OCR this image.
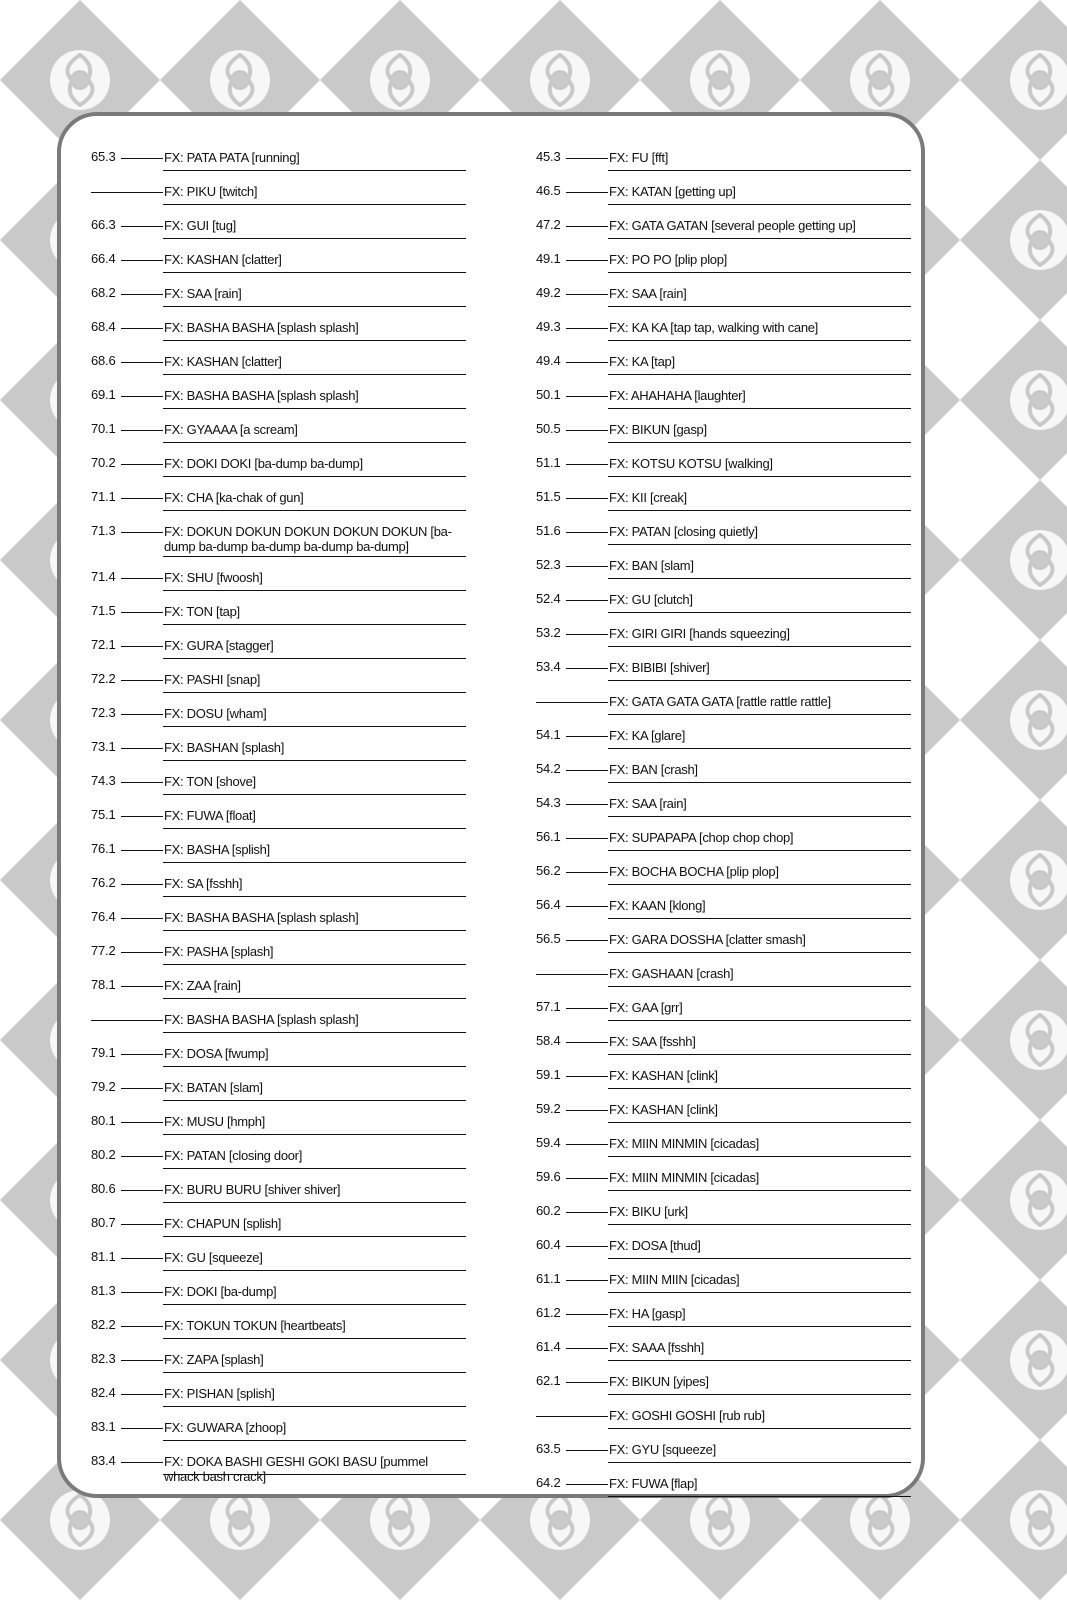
65.3	FX: PATA PATA [running]
FX: PIKU [twitch]
66.3	FX: GUI [tug]
66.4	FX: KASHAN [clatter]
68.2	FX: SAA [rain]
68.4	FX: BASHA BASHA [splash splash]
68.6	FX: KASHAN [clatter]
69.1	FX: BASHA BASHA [splash splash]
70.1	FX: GYAAAA [a scream]
70.2	FX: DOKI DOKI [ba-dump ba-dump]
71.1	FX: CHA [ka-chak of gun]
71.3	FX: DOKUN DOKUN DOKUN DOKUN DOKUN [ba-dump ba-dump ba-dump ba-dump ba-dump]
71.4	FX: SHU [fwoosh]
71.5	FX: TON [tap]
72.1	FX: GURA [stagger]
72.2	FX: PASHI [snap]
72.3	FX: DOSU [wham]
73.1	FX: BASHAN [splash]
74.3	FX: TON [shove]
75.1	FX: FUWA [float]
76.1	FX: BASHA [splish]
76.2	FX: SA [fsshh]
76.4	FX: BASHA BASHA [splash splash]
77.2	FX: PASHA [splash]
78.1	FX: ZAA [rain]
FX: BASHA BASHA [splash splash]
79.1	FX: DOSA [fwump]
79.2	FX: BATAN [slam]
80.1	FX: MUSU [hmph]
80.2	FX: PATAN [closing door]
80.6	FX: BURU BURU [shiver shiver]
80.7	FX: CHAPUN [splish]
81.1	FX: GU [squeeze]
81.3	FX: DOKI [ba-dump]
82.2	FX: TOKUN TOKUN [heartbeats]
82.3	FX: ZAPA [splash]
82.4	FX: PISHAN [splish]
83.1	FX: GUWARA [zhoop]
83.4	FX: DOKA BASHI GESHI GOKI BASU [pummel whack bash crack]
45.3	FX: FU [fft]
46.5	FX: KATAN [getting up]
47.2	FX: GATA GATAN [several people getting up]
49.1	FX: PO PO [plip plop]
49.2	FX: SAA [rain]
49.3	FX: KA KA [tap tap, walking with cane]
49.4	FX: KA [tap]
50.1	FX: AHAHAHA [laughter]
50.5	FX: BIKUN [gasp]
51.1	FX: KOTSU KOTSU [walking]
51.5	FX: KII [creak]
51.6	FX: PATAN [closing quietly]
52.3	FX: BAN [slam]
52.4	FX: GU [clutch]
53.2	FX: GIRI GIRI [hands squeezing]
53.4	FX: BIBIBI [shiver]
FX: GATA GATA GATA [rattle rattle rattle]
54.1	FX: KA [glare]
54.2	FX: BAN [crash]
54.3	FX: SAA [rain]
56.1	FX: SUPAPAPA [chop chop chop]
56.2	FX: BOCHA BOCHA [plip plop]
56.4	FX: KAAN [klong]
56.5	FX: GARA DOSSHA [clatter smash]
FX: GASHAAN [crash]
57.1	FX: GAA [grr]
58.4	FX: SAA [fsshh]
59.1	FX: KASHAN [clink]
59.2	FX: KASHAN [clink]
59.4	FX: MIIN MINMIN [cicadas]
59.6	FX: MIIN MINMIN [cicadas]
60.2	FX: BIKU [urk]
60.4	FX: DOSA [thud]
61.1	FX: MIIN MIIN [cicadas]
61.2	FX: HA [gasp]
61.4	FX: SAAA [fsshh]
62.1	FX: BIKUN [yipes]
FX: GOSHI GOSHI [rub rub]
63.5	FX: GYU [squeeze]
64.2	FX: FUWA [flap]
